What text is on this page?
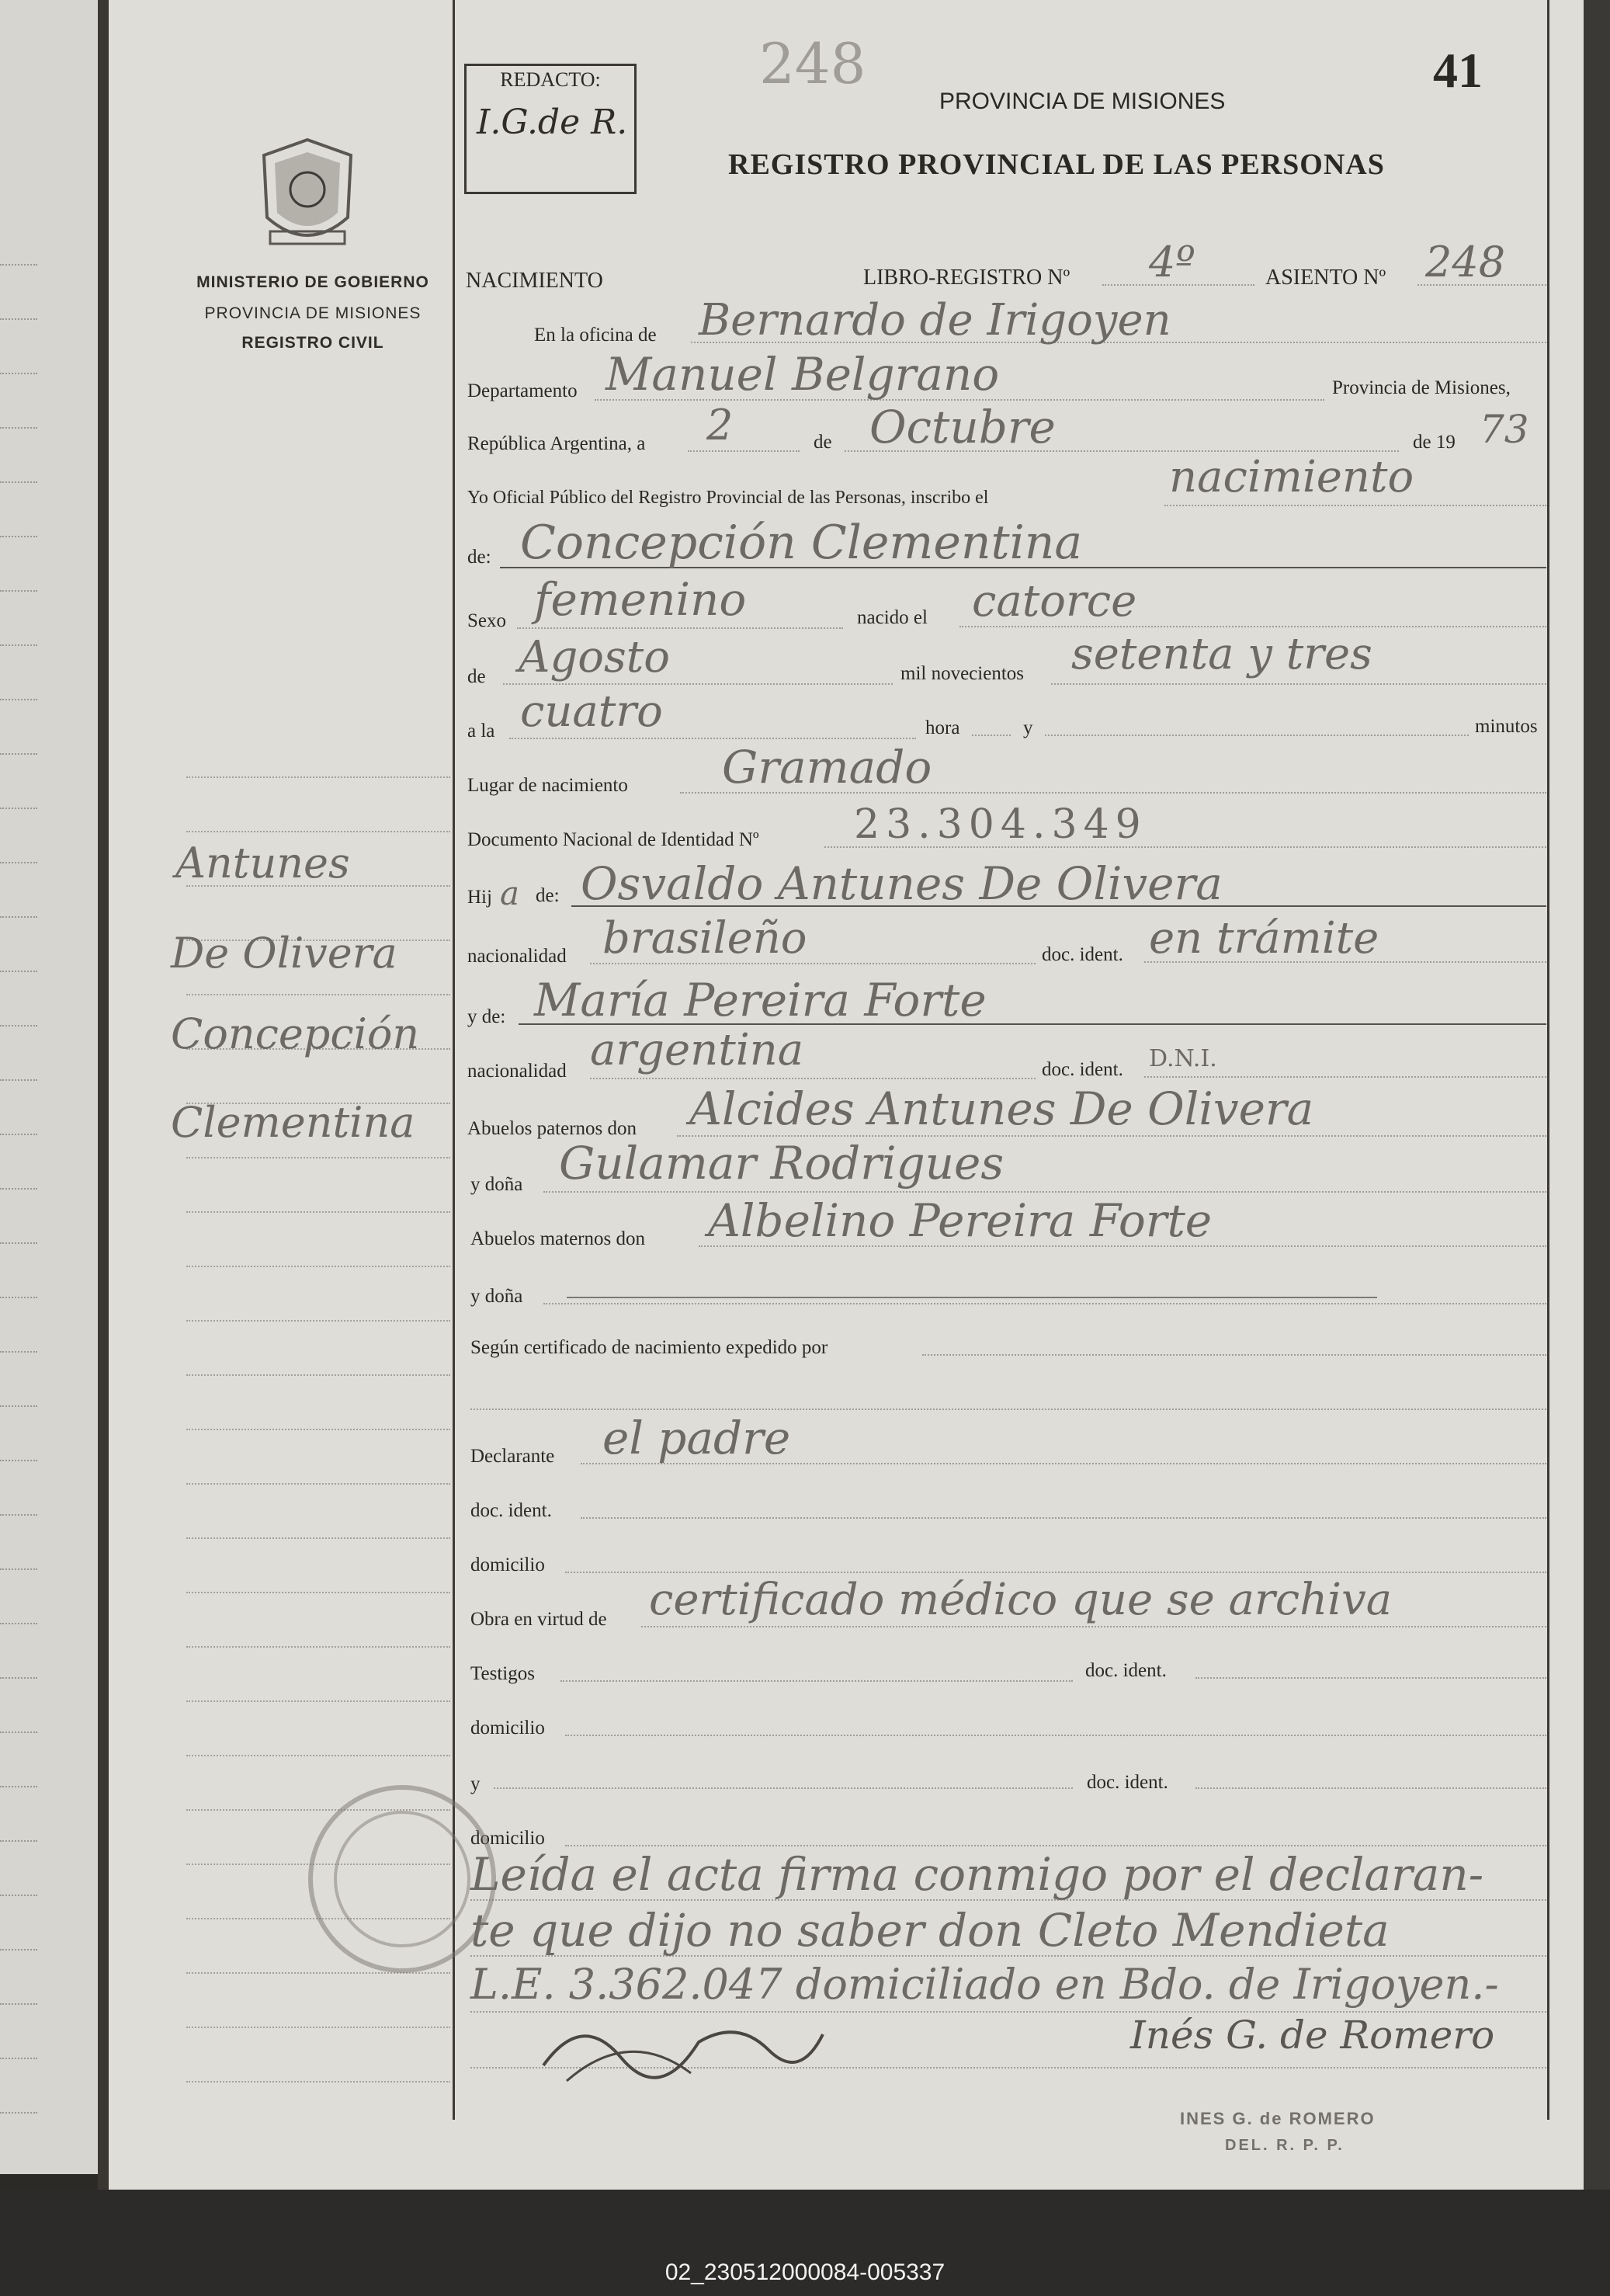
MINISTERIO DE GOBIERNO
PROVINCIA DE MISIONES
REGISTRO CIVIL
Antunes
De Olivera
Concepción
Clementina
REDACTO:
I.G.de R.
248	41
PROVINCIA DE MISIONES
REGISTRO PROVINCIAL DE LAS PERSONAS
NACIMIENTO	LIBRO-REGISTRO Nº 4º	ASIENTO Nº 248
En la oficina de Bernardo de Irigoyen
Departamento Manuel Belgrano	Provincia de Misiones,
República Argentina, a 2	de Octubre	de 19 73
Yo Oficial Público del Registro Provincial de las Personas, inscribo el	nacimiento
de: Concepción Clementina
Sexo femenino	nacido el catorce
de Agosto	mil novecientos setenta y tres
a la cuatro	hora	y	minutos
Lugar de nacimiento Gramado
Documento Nacional de Identidad Nº 23.304.349
Hij a de: Osvaldo Antunes De Olivera
nacionalidad brasileño	doc. ident. en trámite
y de: María Pereira Forte
nacionalidad argentina	doc. ident. D.N.I.
Abuelos paternos don Alcides Antunes De Olivera
y doña Gulamar Rodrigues
Abuelos maternos don Albelino Pereira Forte
y doña
Según certificado de nacimiento expedido por
Declarante el padre
doc. ident.
domicilio
Obra en virtud de certificado médico que se archiva
Testigos	doc. ident.
domicilio
y	doc. ident.
domicilio
Leída el acta firma conmigo por el declaran-
te que dijo no saber don Cleto Mendieta
L.E. 3.362.047 domiciliado en Bdo. de Irigoyen.-
Inés G. de Romero
INES G. de ROMERO
DEL. R. P. P.
02_230512000084-005337
